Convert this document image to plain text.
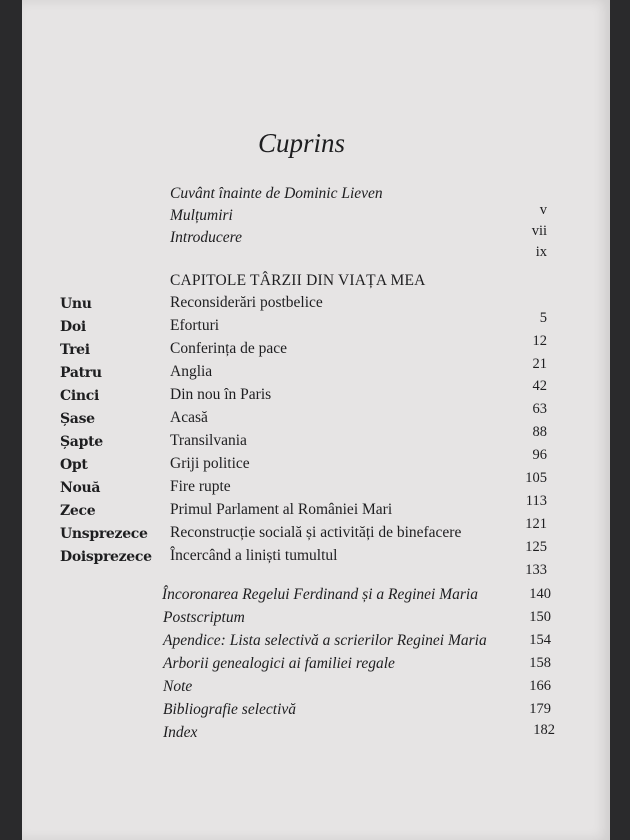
Cuprins
Cuvânt înainte de Dominic Lieven
Mulțumiri
Introducere
v
vii
ix
CAPITOLE TÂRZII DIN VIAȚA MEA
Unu
Doi
Trei
Patru
Cinci
Șase
Șapte
Opt
Nouă
Zece
Unsprezece
Doisprezece
Reconsiderări postbelice
Eforturi
Conferința de pace
Anglia
Din nou în Paris
Acasă
Transilvania
Griji politice
Fire rupte
Primul Parlament al României Mari
Reconstrucție socială și activități de binefacere
Încercând a liniști tumultul
5
12
21
42
63
88
96
105
113
121
125
133
Încoronarea Regelui Ferdinand și a Reginei Maria
Postscriptum
Apendice: Lista selectivă a scrierilor Reginei Maria
Arborii genealogici ai familiei regale
Note
Bibliografie selectivă
Index
140
150
154
158
166
179
182
